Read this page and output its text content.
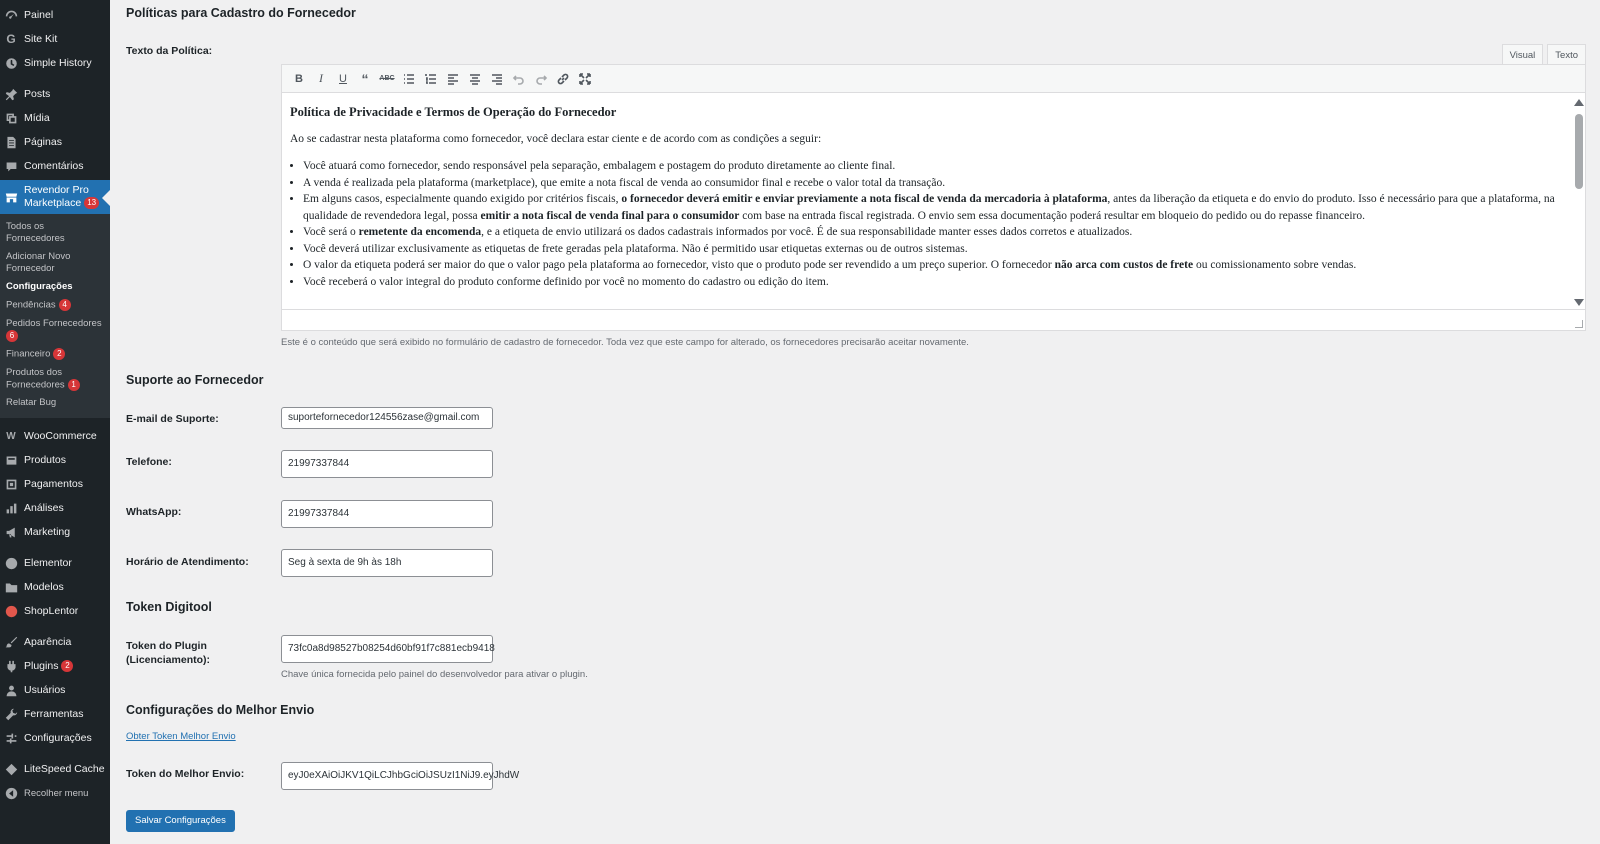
Painel
G Site Kit
Simple History
Posts
Mídia
Páginas
Comentários
Revendor Pro
Marketplace 13
Todos os Fornecedores
Adicionar Novo Fornecedor
Configurações
Pendências 4
Pedidos Fornecedores
6
Financeiro 2
Produtos dos Fornecedores 1
Relatar Bug
W WooCommerce
Produtos
Pagamentos
Análises
Marketing
Elementor
Modelos
ShopLentor
Aparência
Plugins 2
Usuários
Ferramentas
Configurações
LiteSpeed Cache
Recolher menu
Políticas para Cadastro do Fornecedor
Texto da Política:	Visual	Texto
B	I	U	“	ABC
Política de Privacidade e Termos de Operação do Fornecedor

Ao se cadastrar nesta plataforma como fornecedor, você declara estar ciente e de acordo com as condições a seguir:

• Você atuará como fornecedor, sendo responsável pela separação, embalagem e postagem do produto diretamente ao cliente final.
• A venda é realizada pela plataforma (marketplace), que emite a nota fiscal de venda ao consumidor final e recebe o valor total da transação.
• Em alguns casos, especialmente quando exigido por critérios fiscais, o fornecedor deverá emitir e enviar previamente a nota fiscal de venda da mercadoria à plataforma, antes da liberação da etiqueta e do envio do produto. Isso é necessário para que a plataforma, na qualidade de revendedora legal, possa emitir a nota fiscal de venda final para o consumidor com base na entrada fiscal registrada. O envio sem essa documentação poderá resultar em bloqueio do pedido ou do repasse financeiro.
• Você será o remetente da encomenda, e a etiqueta de envio utilizará os dados cadastrais informados por você. É de sua responsabilidade manter esses dados corretos e atualizados.
• Você deverá utilizar exclusivamente as etiquetas de frete geradas pela plataforma. Não é permitido usar etiquetas externas ou de outros sistemas.
• O valor da etiqueta poderá ser maior do que o valor pago pela plataforma ao fornecedor, visto que o produto pode ser revendido a um preço superior. O fornecedor não arca com custos de frete ou comissionamento sobre vendas.
• Você receberá o valor integral do produto conforme definido por você no momento do cadastro ou edição do item.
Este é o conteúdo que será exibido no formulário de cadastro de fornecedor. Toda vez que este campo for alterado, os fornecedores precisarão aceitar novamente.
Suporte ao Fornecedor
E-mail de Suporte:	suportefornecedor124556zase@gmail.com
Telefone:	21997337844
WhatsApp:	21997337844
Horário de Atendimento:	Seg à sexta de 9h às 18h
Token Digitool
Token do Plugin
(Licenciamento):
73fc0a8d98527b08254d60bf91f7c881ecb9418
Chave única fornecida pelo painel do desenvolvedor para ativar o plugin.
Configurações do Melhor Envio
Obter Token Melhor Envio
Token do Melhor Envio:	eyJ0eXAiOiJKV1QiLCJhbGciOiJSUzI1NiJ9.eyJhdW
Salvar Configurações
